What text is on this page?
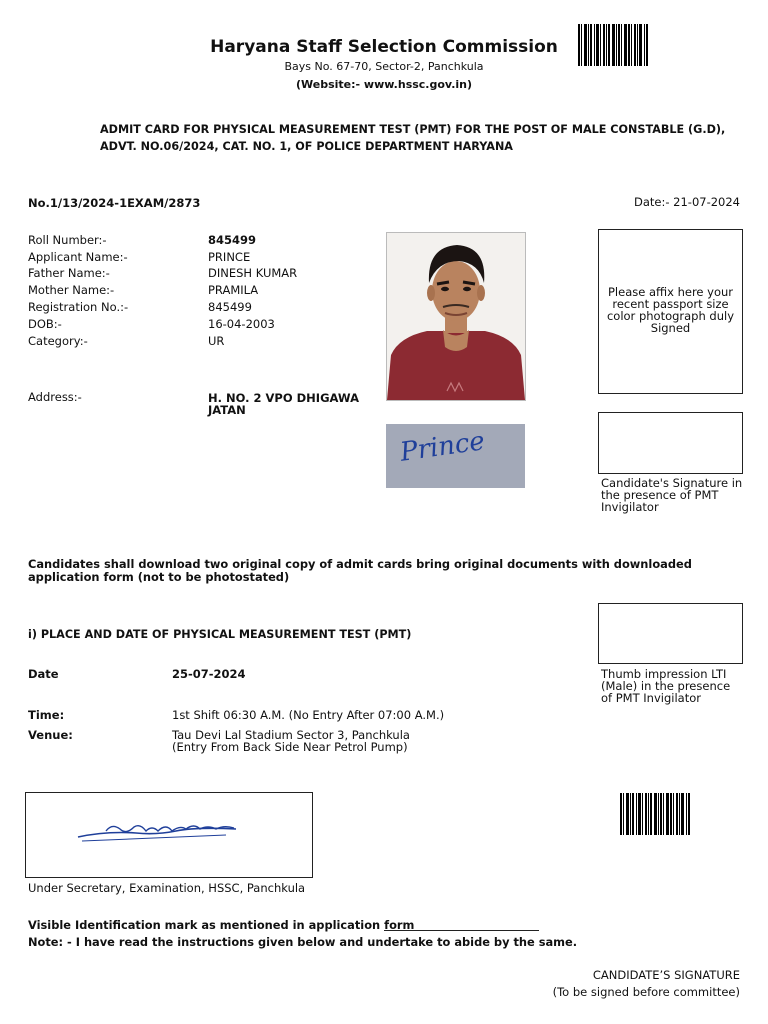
Haryana Staff Selection Commission
Bays No. 67-70, Sector-2, Panchkula
(Website:- www.hssc.gov.in)
ADMIT CARD FOR PHYSICAL MEASUREMENT TEST (PMT) FOR THE POST OF MALE CONSTABLE (G.D),
ADVT. NO.06/2024, CAT. NO. 1, OF POLICE DEPARTMENT HARYANA
No.1/13/2024-1EXAM/2873	Date:- 21-07-2024
Roll Number:-	845499
Applicant Name:-	PRINCE
Father Name:-	DINESH KUMAR
Mother Name:-	PRAMILA
Registration No.:-	845499
DOB:-	16-04-2003
Category:-	UR
Address:-	H. NO. 2 VPO DHIGAWA
JATAN
Prince
Please affix here your recent passport size color photograph duly Signed
Candidate's Signature in the presence of PMT Invigilator
Candidates shall download two original copy of admit cards bring original documents with downloaded application form (not to be photostated)
Thumb impression LTI (Male) in the presence of PMT Invigilator
i) PLACE AND DATE OF PHYSICAL MEASUREMENT TEST (PMT)
Date	25-07-2024
Time:	1st Shift 06:30 A.M. (No Entry After 07:00 A.M.)
Venue:	Tau Devi Lal Stadium Sector 3, Panchkula
(Entry From Back Side Near Petrol Pump)
Under Secretary, Examination, HSSC, Panchkula
Visible Identification mark as mentioned in application form
Note: - I have read the instructions given below and undertake to abide by the same.
CANDIDATE’S SIGNATURE
(To be signed before committee)
